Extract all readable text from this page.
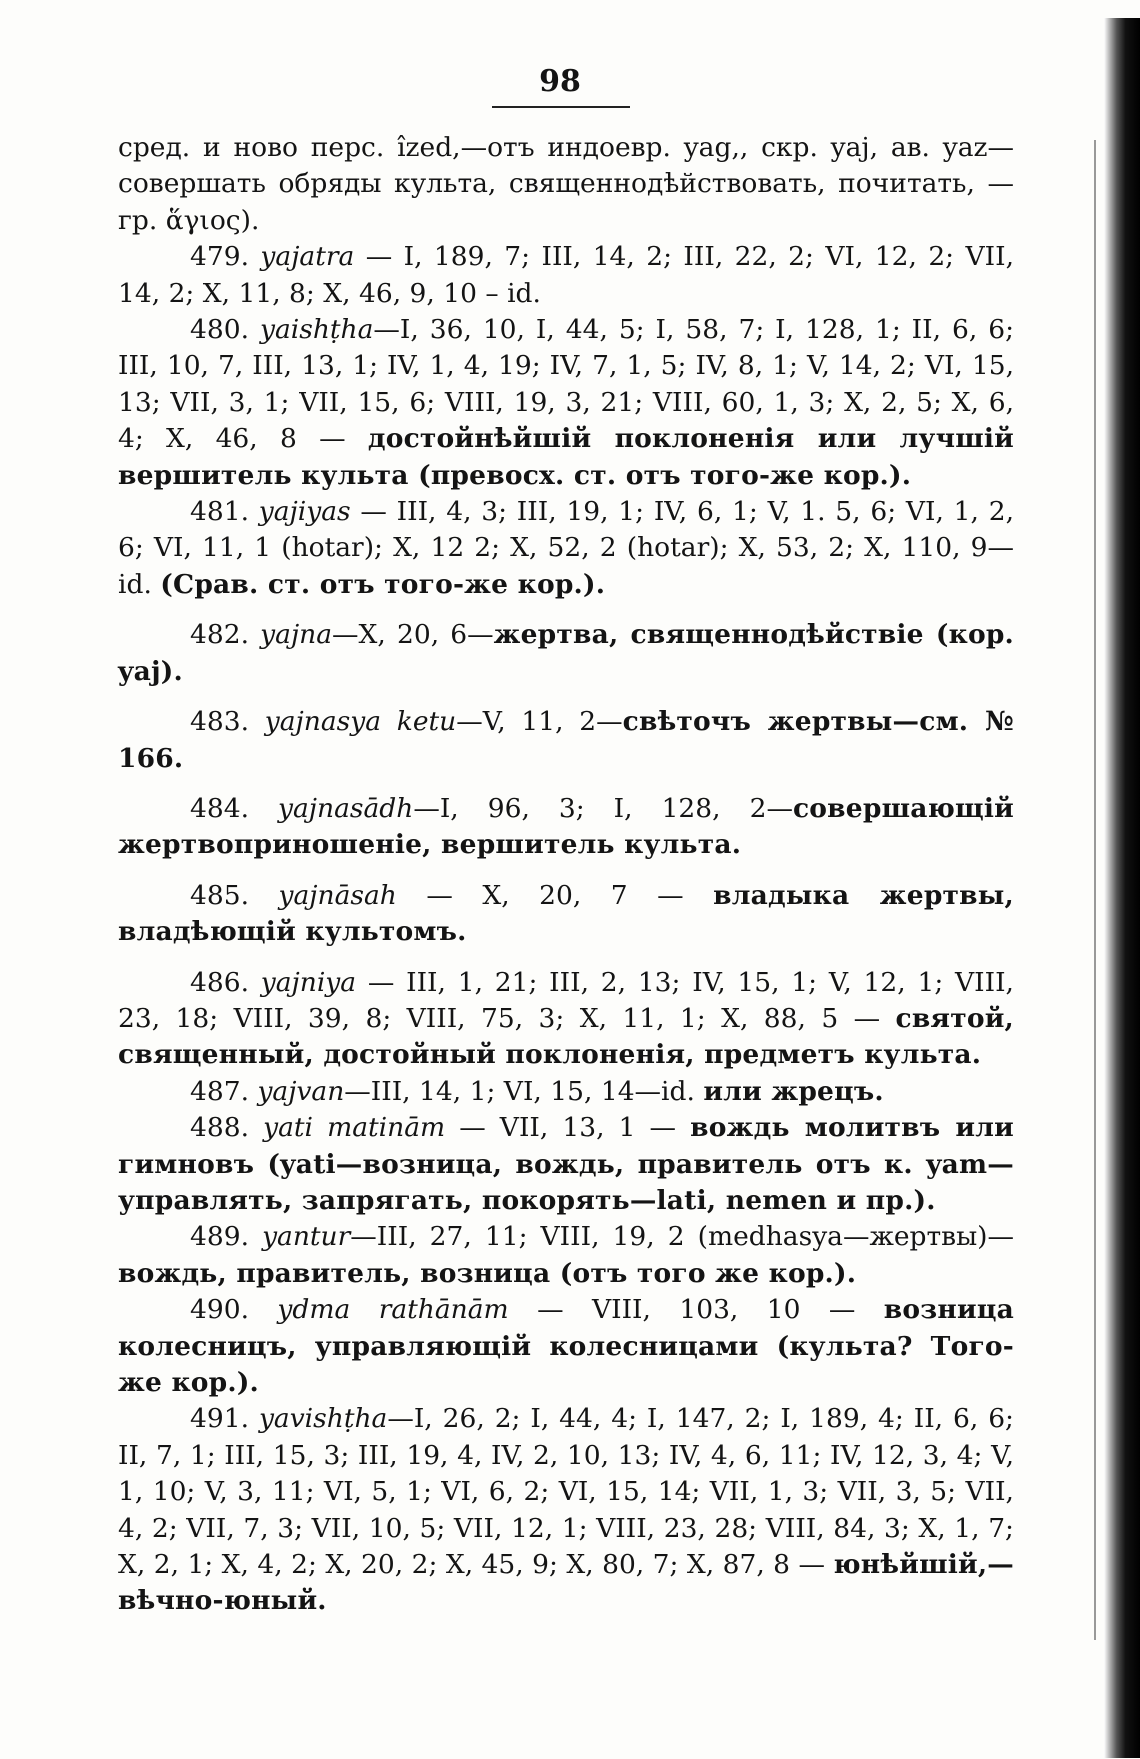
98

сред. и ново перс. îzed,—отъ индоевр. yag,, скр. yaj, ав. yaz—совершать обряды культа, священнодѣйствовать, почитать, — гр. ἅγιος).

479. yajatra — I, 189, 7; III, 14, 2; III, 22, 2; VI, 12, 2; VII, 14, 2; X, 11, 8; X, 46, 9, 10 – id.

480. yaishṭha—I, 36, 10, I, 44, 5; I, 58, 7; I, 128, 1; II, 6, 6; III, 10, 7, III, 13, 1; IV, 1, 4, 19; IV, 7, 1, 5; IV, 8, 1; V, 14, 2; VI, 15, 13; VII, 3, 1; VII, 15, 6; VIII, 19, 3, 21; VIII, 60, 1, 3; X, 2, 5; X, 6, 4; X, 46, 8 — достойнѣйшій поклоненія или лучшій вершитель культа (превосх. ст. отъ того-же кор.).

481. yajiyas — III, 4, 3; III, 19, 1; IV, 6, 1; V, 1. 5, 6; VI, 1, 2, 6; VI, 11, 1 (hotar); X, 12 2; X, 52, 2 (hotar); X, 53, 2; X, 110, 9—id. (Срав. ст. отъ того-же кор.).

482. yajna—X, 20, 6—жертва, священнодѣйствіе (кор. yaj).

483. yajnasya ketu—V, 11, 2—свѣточъ жертвы—см. № 166.

484. yajnasādh—I, 96, 3; I, 128, 2—совершающій жертвоприношеніе, вершитель культа.

485. yajnāsah — X, 20, 7 — владыка жертвы, владѣющій культомъ.

486. yajniya — III, 1, 21; III, 2, 13; IV, 15, 1; V, 12, 1; VIII, 23, 18; VIII, 39, 8; VIII, 75, 3; X, 11, 1; X, 88, 5 — святой, священный, достойный поклоненія, предметъ культа.

487. yajvan—III, 14, 1; VI, 15, 14—id. или жрецъ.

488. yati matinām — VII, 13, 1 — вождь молитвъ или гимновъ (yati—возница, вождь, правитель отъ к. yam—управлять, запрягать, покорять—lati, nemen и пр.).

489. yantur—III, 27, 11; VIII, 19, 2 (medhasya—жертвы)—вождь, правитель, возница (отъ того же кор.).

490. ydma rathānām — VIII, 103, 10 — возница колесницъ, управляющій колесницами (культа? Того-же кор.).

491. yavishṭha—I, 26, 2; I, 44, 4; I, 147, 2; I, 189, 4; II, 6, 6; II, 7, 1; III, 15, 3; III, 19, 4, IV, 2, 10, 13; IV, 4, 6, 11; IV, 12, 3, 4; V, 1, 10; V, 3, 11; VI, 5, 1; VI, 6, 2; VI, 15, 14; VII, 1, 3; VII, 3, 5; VII, 4, 2; VII, 7, 3; VII, 10, 5; VII, 12, 1; VIII, 23, 28; VIII, 84, 3; X, 1, 7; X, 2, 1; X, 4, 2; X, 20, 2; X, 45, 9; X, 80, 7; X, 87, 8 — юнѣйшій,—вѣчно-юный.
